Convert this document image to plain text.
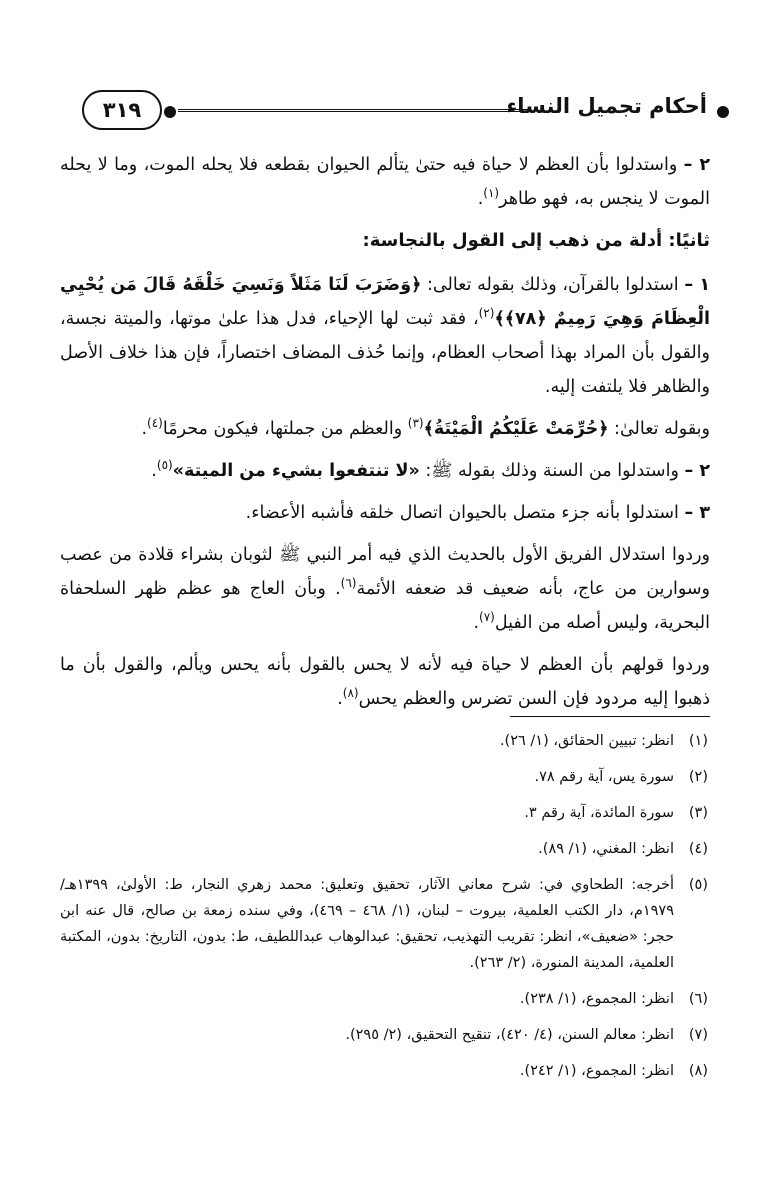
أحكام تجميل النساء
٣١٩

٢ – واستدلوا بأن العظم لا حياة فيه حتىٰ يتألم الحيوان بقطعه فلا يحله الموت، وما لا يحله الموت لا ينجس به، فهو طاهر$^{(١)}$.

ثانيًا: أدلة من ذهب إلى القول بالنجاسة:

١ – استدلوا بالقرآن، وذلك بقوله تعالى: ﴿وَضَرَبَ لَنَا مَثَلاً وَنَسِيَ خَلْقَهُ قَالَ مَن يُحْيِي الْعِظَامَ وَهِيَ رَمِيمٌ ﴿٧٨﴾﴾$^{(٢)}$، فقد ثبت لها الإحياء، فدل هذا علىٰ موتها، والميتة نجسة، والقول بأن المراد بهذا أصحاب العظام، وإنما حُذف المضاف اختصاراً، فإن هذا خلاف الأصل والظاهر فلا يلتفت إليه.

وبقوله تعالىٰ: ﴿حُرِّمَتْ عَلَيْكُمُ الْمَيْتَةُ﴾$^{(٣)}$ والعظم من جملتها، فيكون محرمًا$^{(٤)}$.

٢ – واستدلوا من السنة وذلك بقوله ﷺ: «لا تنتفعوا بشيء من الميتة»$^{(٥)}$.

٣ – استدلوا بأنه جزء متصل بالحيوان اتصال خلقه فأشبه الأعضاء.

وردوا استدلال الفريق الأول بالحديث الذي فيه أمر النبي ﷺ لثوبان بشراء قلادة من عصب وسوارين من عاج، بأنه ضعيف قد ضعفه الأئمة$^{(٦)}$. وبأن العاج هو عظم ظهر السلحفاة البحرية، وليس أصله من الفيل$^{(٧)}$.

وردوا قولهم بأن العظم لا حياة فيه لأنه لا يحس بالقول بأنه يحس ويألم، والقول بأن ما ذهبوا إليه مردود فإن السن تضرس والعظم يحس$^{(٨)}$.

(١)
انظر: تبيين الحقائق، (١/ ٢٦).

(٢)
سورة يس، آية رقم ٧٨.

(٣)
سورة المائدة، آية رقم ٣.

(٤)
انظر: المغني، (١/ ٨٩).

(٥)
أخرجه: الطحاوي في: شرح معاني الآثار، تحقيق وتعليق: محمد زهري النجار، ط: الأولىٰ، ١٣٩٩هـ/ ١٩٧٩م، دار الكتب العلمية، بيروت – لبنان، (١/ ٤٦٨ – ٤٦٩)، وفي سنده زمعة بن صالح، قال عنه ابن حجر: «ضعيف»، انظر: تقريب التهذيب، تحقيق: عبدالوهاب عبداللطيف، ط: بدون، التاريخ: بدون، المكتبة العلمية، المدينة المنورة، (٢/ ٢٦٣).

(٦)
انظر: المجموع، (١/ ٢٣٨).

(٧)
انظر: معالم السنن، (٤/ ٤٢٠)، تنقيح التحقيق، (٢/ ٢٩٥).

(٨)
انظر: المجموع، (١/ ٢٤٢).
